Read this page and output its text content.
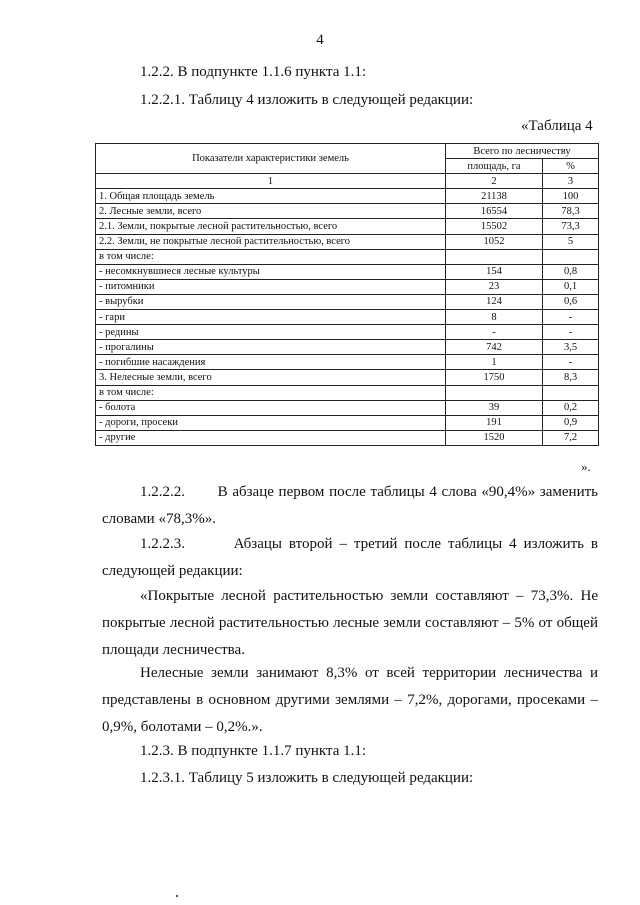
4
1.2.2. В подпункте 1.1.6 пункта 1.1:
1.2.2.1. Таблицу 4 изложить в следующей редакции:
«Таблица 4
Показатели характеристики земель	Всего по лесничеству	
	площадь, га	%
1	2	3
1. Общая площадь земель	21138	100
2. Лесные земли, всего	16554	78,3
2.1. Земли, покрытые лесной растительностью, всего	15502	73,3
2.2. Земли, не покрытые лесной растительностью, всего	1052	5
в том числе:		
- несомкнувшиеся лесные культуры	154	0,8
- питомники	23	0,1
- вырубки	124	0,6
- гари	8	-
- редины	-	-
- прогалины	742	3,5
- погибшие насаждения	1	-
3. Нелесные земли, всего	1750	8,3
в том числе:		
- болота	39	0,2
- дороги, просеки	191	0,9
- другие	1520	7,2
».
1.2.2.2. В абзаце первом после таблицы 4 слова «90,4%» заменить словами «78,3%».
1.2.2.3.	Абзацы второй – третий после таблицы 4 изложить в следующей редакции:
«Покрытые лесной растительностью земли составляют – 73,3%. Не покрытые лесной растительностью лесные земли составляют – 5% от общей площади лесничества.
Нелесные земли занимают 8,3% от всей территории лесничества и представлены в основном другими землями – 7,2%, дорогами, просеками – 0,9%, болотами – 0,2%.».
1.2.3. В подпункте 1.1.7 пункта 1.1:
1.2.3.1. Таблицу 5 изложить в следующей редакции:
